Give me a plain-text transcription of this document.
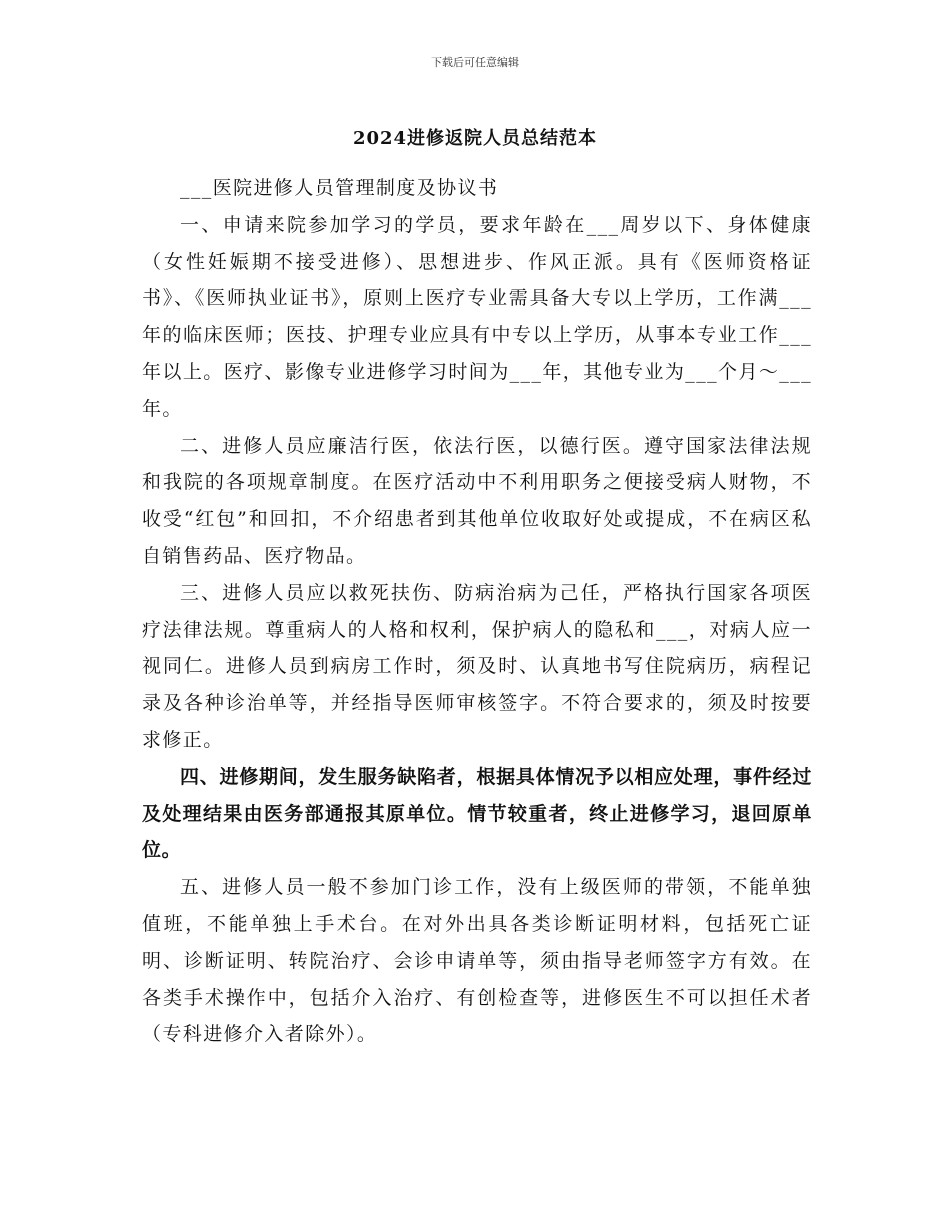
下载后可任意编辑
2024进修返院人员总结范本

___医院进修人员管理制度及协议书

一、申请来院参加学习的学员，要求年龄在___周岁以下、身体健康（女性妊娠期不接受进修）、思想进步、作风正派。具有《医师资格证书》、《医师执业证书》，原则上医疗专业需具备大专以上学历，工作满___年的临床医师；医技、护理专业应具有中专以上学历，从事本专业工作___年以上。医疗、影像专业进修学习时间为___年，其他专业为___个月～___年。

二、进修人员应廉洁行医，依法行医，以德行医。遵守国家法律法规和我院的各项规章制度。在医疗活动中不利用职务之便接受病人财物，不收受“红包”和回扣，不介绍患者到其他单位收取好处或提成，不在病区私自销售药品、医疗物品。

三、进修人员应以救死扶伤、防病治病为己任，严格执行国家各项医疗法律法规。尊重病人的人格和权利，保护病人的隐私和___，对病人应一视同仁。进修人员到病房工作时，须及时、认真地书写住院病历，病程记录及各种诊治单等，并经指导医师审核签字。不符合要求的，须及时按要求修正。

四、进修期间，发生服务缺陷者，根据具体情况予以相应处理，事件经过及处理结果由医务部通报其原单位。情节较重者，终止进修学习，退回原单位。

五、进修人员一般不参加门诊工作，没有上级医师的带领，不能单独值班，不能单独上手术台。在对外出具各类诊断证明材料，包括死亡证明、诊断证明、转院治疗、会诊申请单等，须由指导老师签字方有效。在各类手术操作中，包括介入治疗、有创检查等，进修医生不可以担任术者（专科进修介入者除外）。
